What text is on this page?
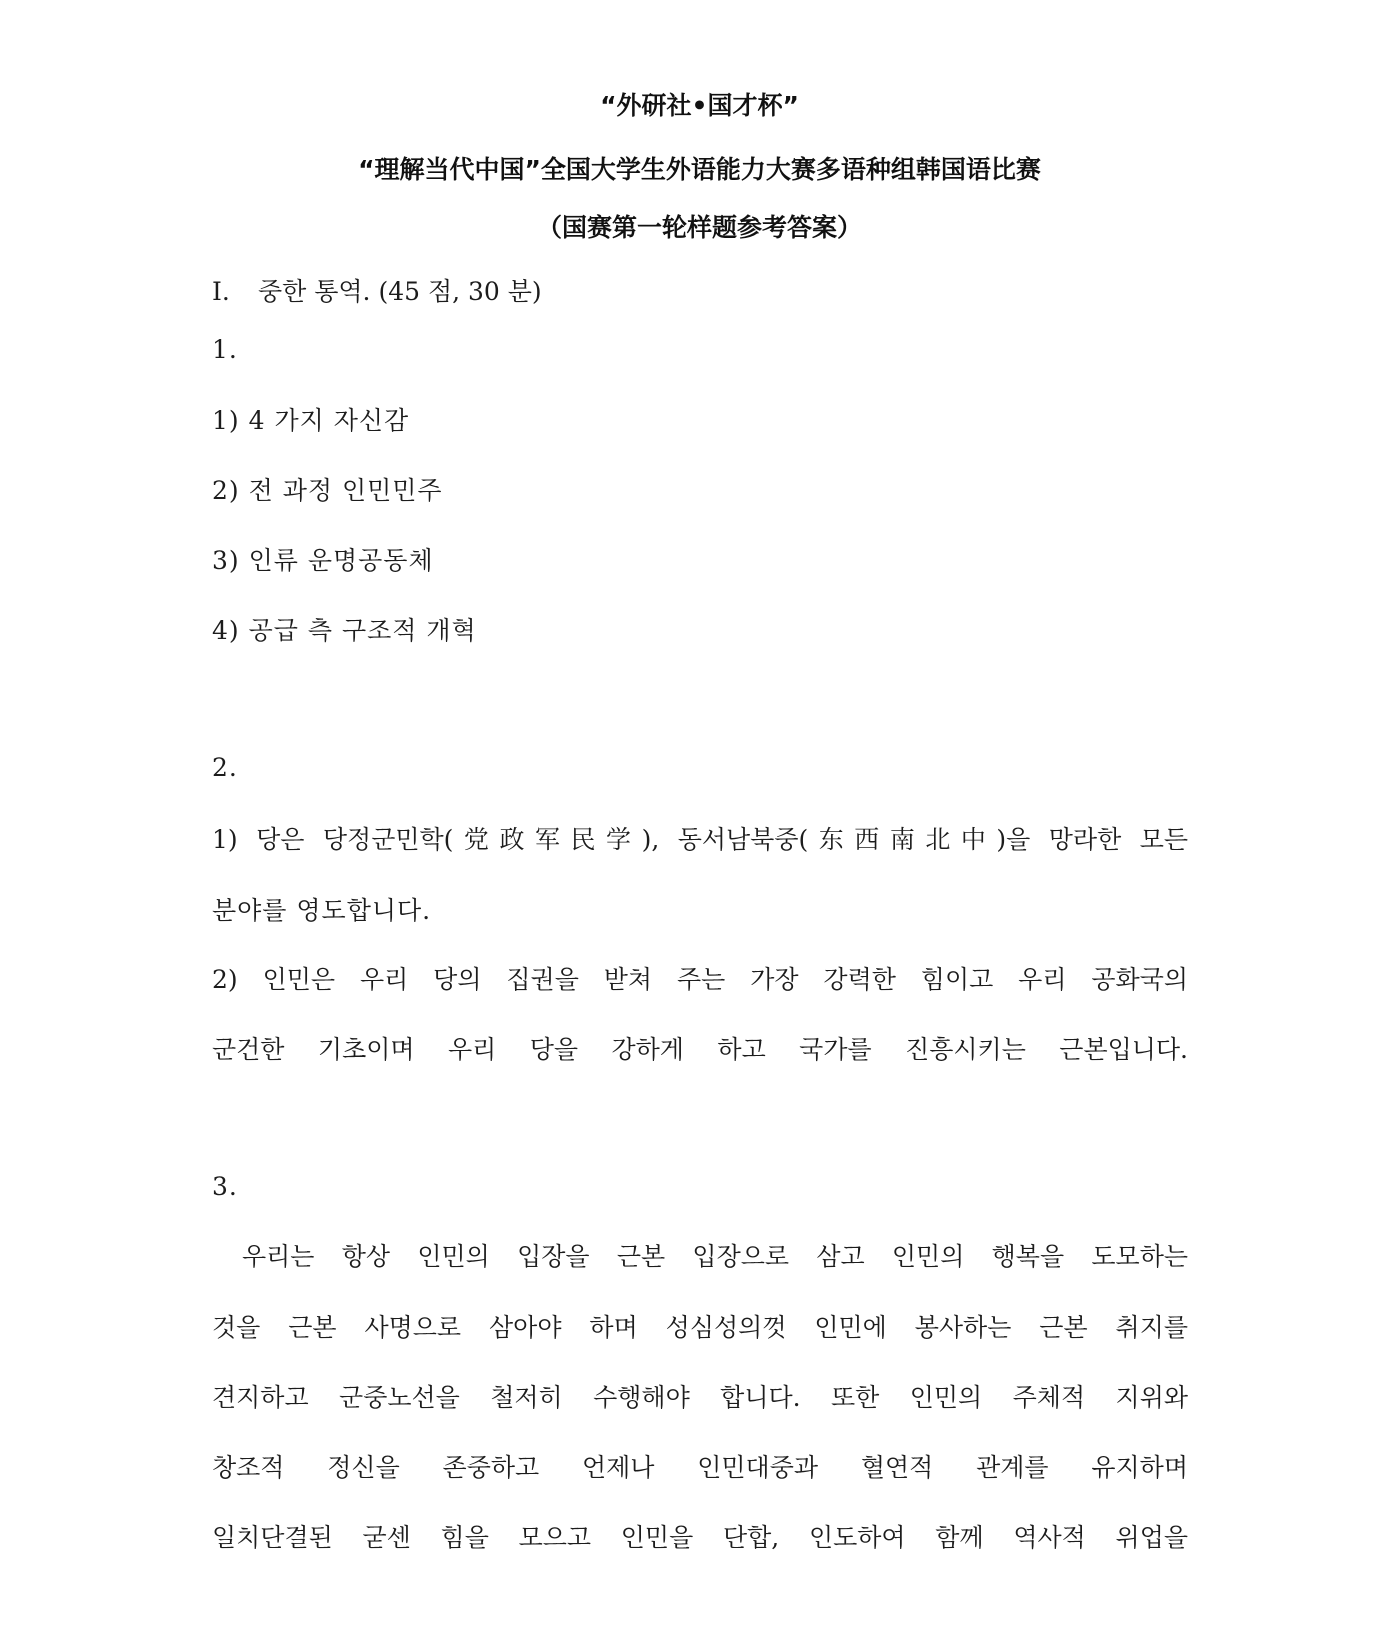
“外研社•国才杯”
“理解当代中国”全国大学生外语能力大赛多语种组韩国语比赛
（国赛第一轮样题参考答案）
I. 중한 통역. (45 점, 30 분)
1.
1) 4 가지 자신감
2) 전 과정 인민민주
3) 인류 운명공동체
4) 공급 측 구조적 개혁
2.
1) 당은 당정군민학(党政军民学), 동서남북중(东西南北中)을 망라한 모든
분야를 영도합니다.
2) 인민은 우리 당의 집권을 받쳐 주는 가장 강력한 힘이고 우리 공화국의
군건한 기초이며 우리 당을 강하게 하고 국가를 진흥시키는 근본입니다.
3.
우리는 항상 인민의 입장을 근본 입장으로 삼고 인민의 행복을 도모하는
것을 근본 사명으로 삼아야 하며 성심성의껏 인민에 봉사하는 근본 취지를
견지하고 군중노선을 철저히 수행해야 합니다. 또한 인민의 주체적 지위와
창조적 정신을 존중하고 언제나 인민대중과 혈연적 관계를 유지하며
일치단결된 굳센 힘을 모으고 인민을 단합, 인도하여 함께 역사적 위업을
